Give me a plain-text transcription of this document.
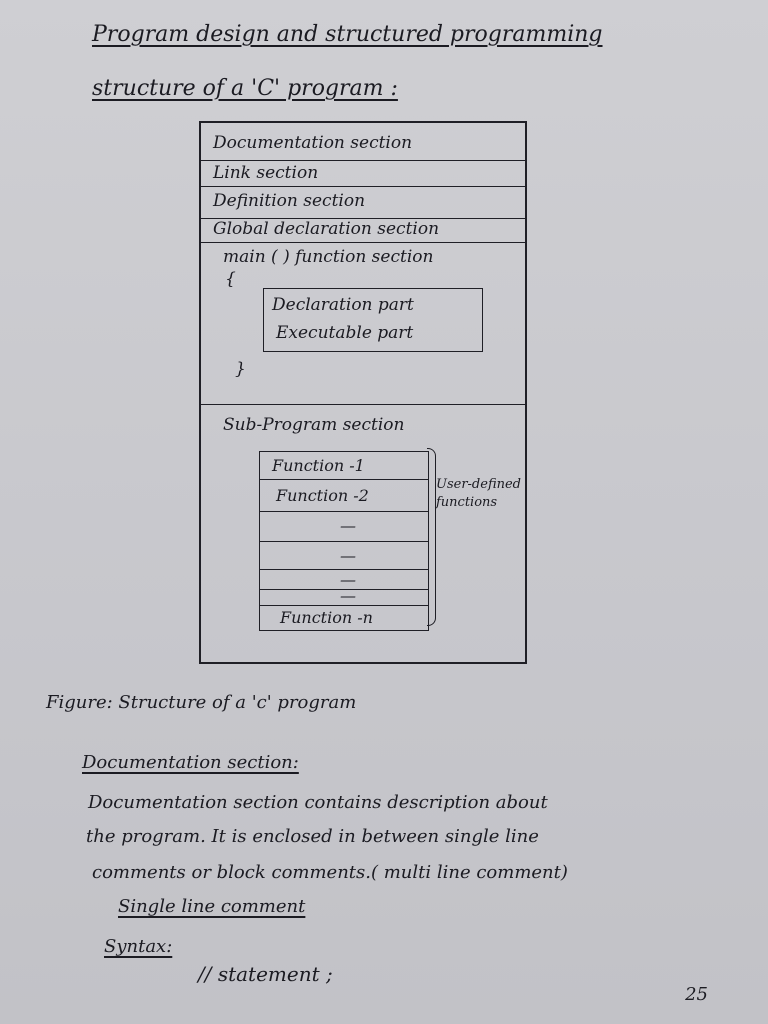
Program design and structured programming
structure of a 'C' program :
Documentation section
Link section
Definition section
Global declaration section
main ( ) function section
{
Declaration part
Executable part
}
Sub-Program section
Function -1
Function -2
—
—
—
—
Function -n
User-defined functions
Figure: Structure of a 'c' program
Documentation section:
Documentation section contains description about
the program. It is enclosed in between single line
comments or block comments.( multi line comment)
Single line comment
Syntax:
// statement ;
25
